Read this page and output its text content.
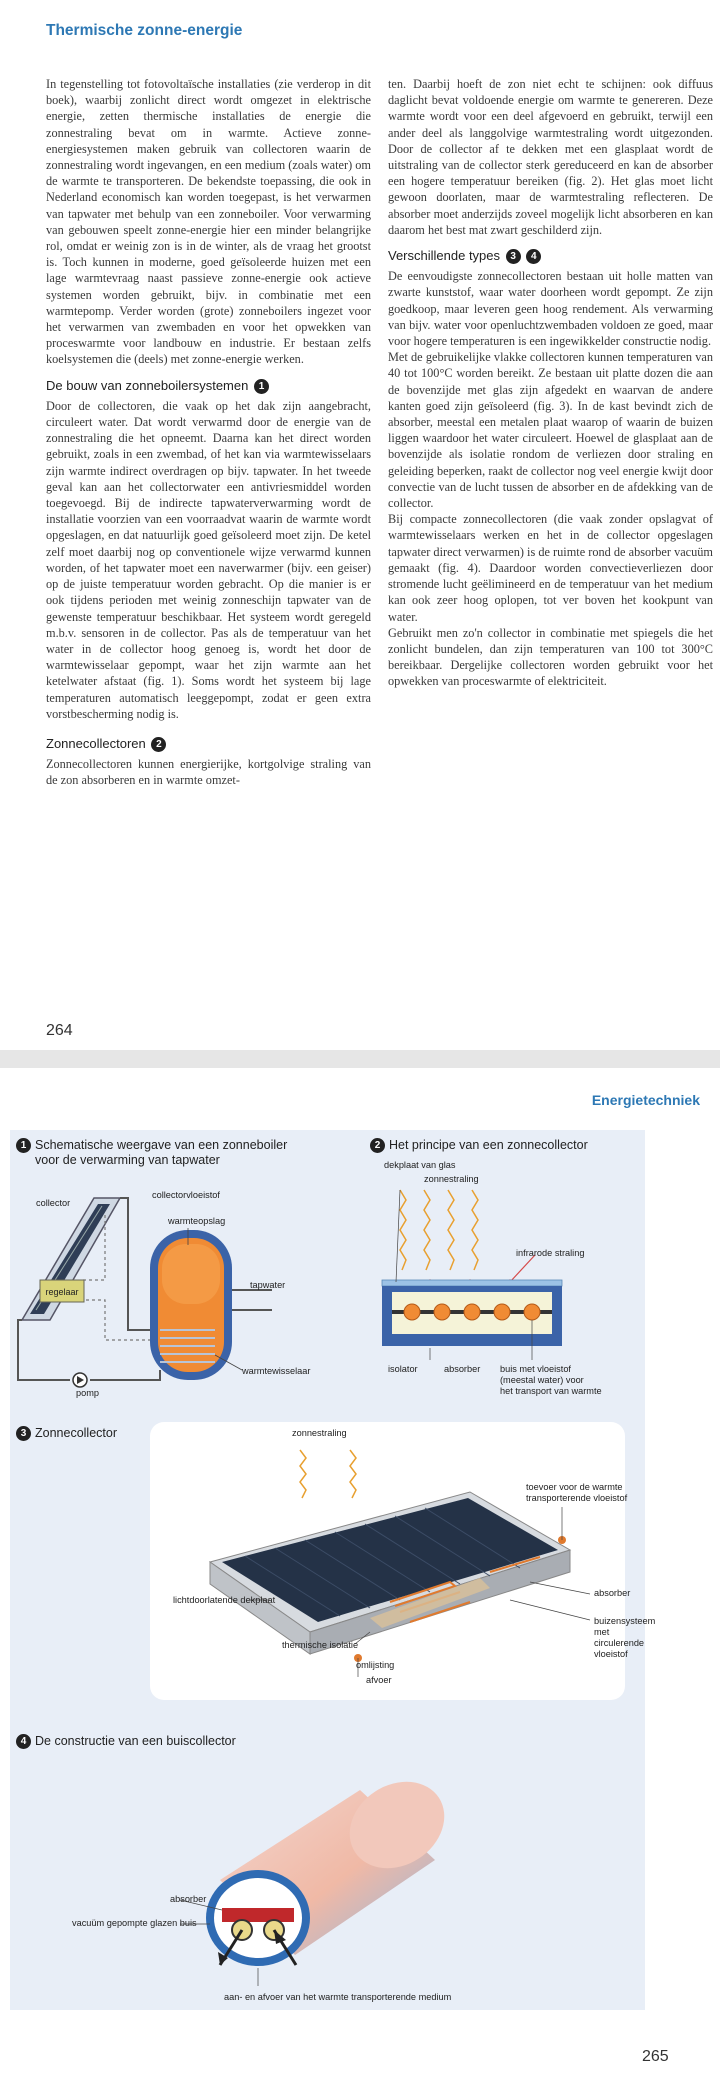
Thermische zonne-energie

In tegenstelling tot fotovoltaïsche installaties (zie verderop in dit boek), waarbij zonlicht direct wordt omgezet in elektrische energie, zetten thermische installaties de energie die zonnestraling bevat om in warmte. Actieve zonne-energiesystemen maken gebruik van collectoren waarin de zonnestraling wordt ingevangen, en een medium (zoals water) om de warmte te transporteren. De bekendste toepassing, die ook in Nederland economisch kan worden toegepast, is het verwarmen van tapwater met behulp van een zonneboiler. Voor verwarming van gebouwen speelt zonne-energie hier een minder belangrijke rol, omdat er weinig zon is in de winter, als de vraag het grootst is. Toch kunnen in moderne, goed geïsoleerde huizen met een lage warmtevraag naast passieve zonne-energie ook actieve systemen worden gebruikt, bijv. in combinatie met een warmtepomp. Verder worden (grote) zonneboilers ingezet voor het verwarmen van zwembaden en voor het opwekken van proceswarmte voor landbouw en industrie. Er bestaan zelfs koelsystemen die (deels) met zonne-energie werken.

De bouw van zonneboilersystemen 1

Door de collectoren, die vaak op het dak zijn aangebracht, circuleert water. Dat wordt verwarmd door de energie van de zonnestraling die het opneemt. Daarna kan het direct worden gebruikt, zoals in een zwembad, of het kan via warmtewisselaars zijn warmte indirect overdragen op bijv. tapwater. In het tweede geval kan aan het collectorwater een antivriesmiddel worden toegevoegd. Bij de indirecte tapwaterverwarming wordt de installatie voorzien van een voorraadvat waarin de warmte wordt opgeslagen, en dat natuurlijk goed geïsoleerd moet zijn. De ketel zelf moet daarbij nog op conventionele wijze verwarmd kunnen worden, of het tapwater moet een naverwarmer (bijv. een geiser) op de juiste temperatuur worden gebracht. Op die manier is er ook tijdens perioden met weinig zonneschijn tapwater van de gewenste temperatuur beschikbaar. Het systeem wordt geregeld m.b.v. sensoren in de collector. Pas als de temperatuur van het water in de collector hoog genoeg is, wordt het door de warmtewisselaar gepompt, waar het zijn warmte aan het ketelwater afstaat (fig. 1). Soms wordt het systeem bij lage temperaturen automatisch leeggepompt, zodat er geen extra vorstbescherming nodig is.

Zonnecollectoren 2

Zonnecollectoren kunnen energierijke, kortgolvige straling van de zon absorberen en in warmte omzet-

ten. Daarbij hoeft de zon niet echt te schijnen: ook diffuus daglicht bevat voldoende energie om warmte te genereren. Deze warmte wordt voor een deel afgevoerd en gebruikt, terwijl een ander deel als langgolvige warmtestraling wordt uitgezonden. Door de collector af te dekken met een glasplaat wordt de uitstraling van de collector sterk gereduceerd en kan de absorber een hogere temperatuur bereiken (fig. 2). Het glas moet licht gewoon doorlaten, maar de warmtestraling reflecteren. De absorber moet anderzijds zoveel mogelijk licht absorberen en kan daarom het best mat zwart geschilderd zijn.

Verschillende types 3 4

De eenvoudigste zonnecollectoren bestaan uit holle matten van zwarte kunststof, waar water doorheen wordt gepompt. Ze zijn goedkoop, maar leveren geen hoog rendement. Als verwarming van bijv. water voor openluchtzwembaden voldoen ze goed, maar voor hogere temperaturen is een ingewikkelder constructie nodig.

Met de gebruikelijke vlakke collectoren kunnen temperaturen van 40 tot 100°C worden bereikt. Ze bestaan uit platte dozen die aan de bovenzijde met glas zijn afgedekt en waarvan de andere kanten goed zijn geïsoleerd (fig. 3). In de kast bevindt zich de absorber, meestal een metalen plaat waarop of waarin de buizen liggen waardoor het water circuleert. Hoewel de glasplaat aan de bovenzijde als isolatie rondom de verliezen door straling en geleiding beperken, raakt de collector nog veel energie kwijt door convectie van de lucht tussen de absorber en de afdekking van de collector.

Bij compacte zonnecollectoren (die vaak zonder opslagvat of warmtewisselaars werken en het in de collector opgeslagen tapwater direct verwarmen) is de ruimte rond de absorber vacuüm gemaakt (fig. 4). Daardoor worden convectieverliezen door stromende lucht geëlimineerd en de temperatuur van het medium kan ook zeer hoog oplopen, tot ver boven het kookpunt van water.

Gebruikt men zo'n collector in combinatie met spiegels die het zonlicht bundelen, dan zijn temperaturen van 100 tot 300°C bereikbaar. Dergelijke collectoren worden gebruikt voor het opwekken van proceswarmte of elektriciteit.

264
Energietechniek
1 Schematische weergave van een zonneboiler
voor de verwarming van tapwater
regelaar
collector
collectorvloeistof
warmteopslag
tapwater
warmtewisselaar
pomp
2 Het principe van een zonnecollector
dekplaat van glas
zonnestraling
infrarode straling
isolator	absorber buis met vloeistof
(meestal water) voor
het transport van warmte
3 Zonnecollector	zonnestraling
toevoer voor de warmte
transporterende vloeistof
lichtdoorlatende dekplaat
absorber
buizensysteem
met circulerende
vloeistof
thermische isolatie
omlijsting
afvoer
4 De constructie van een buiscollector
absorber
vacuüm gepompte glazen buis
aan- en afvoer van het warmte transporterende medium
265
